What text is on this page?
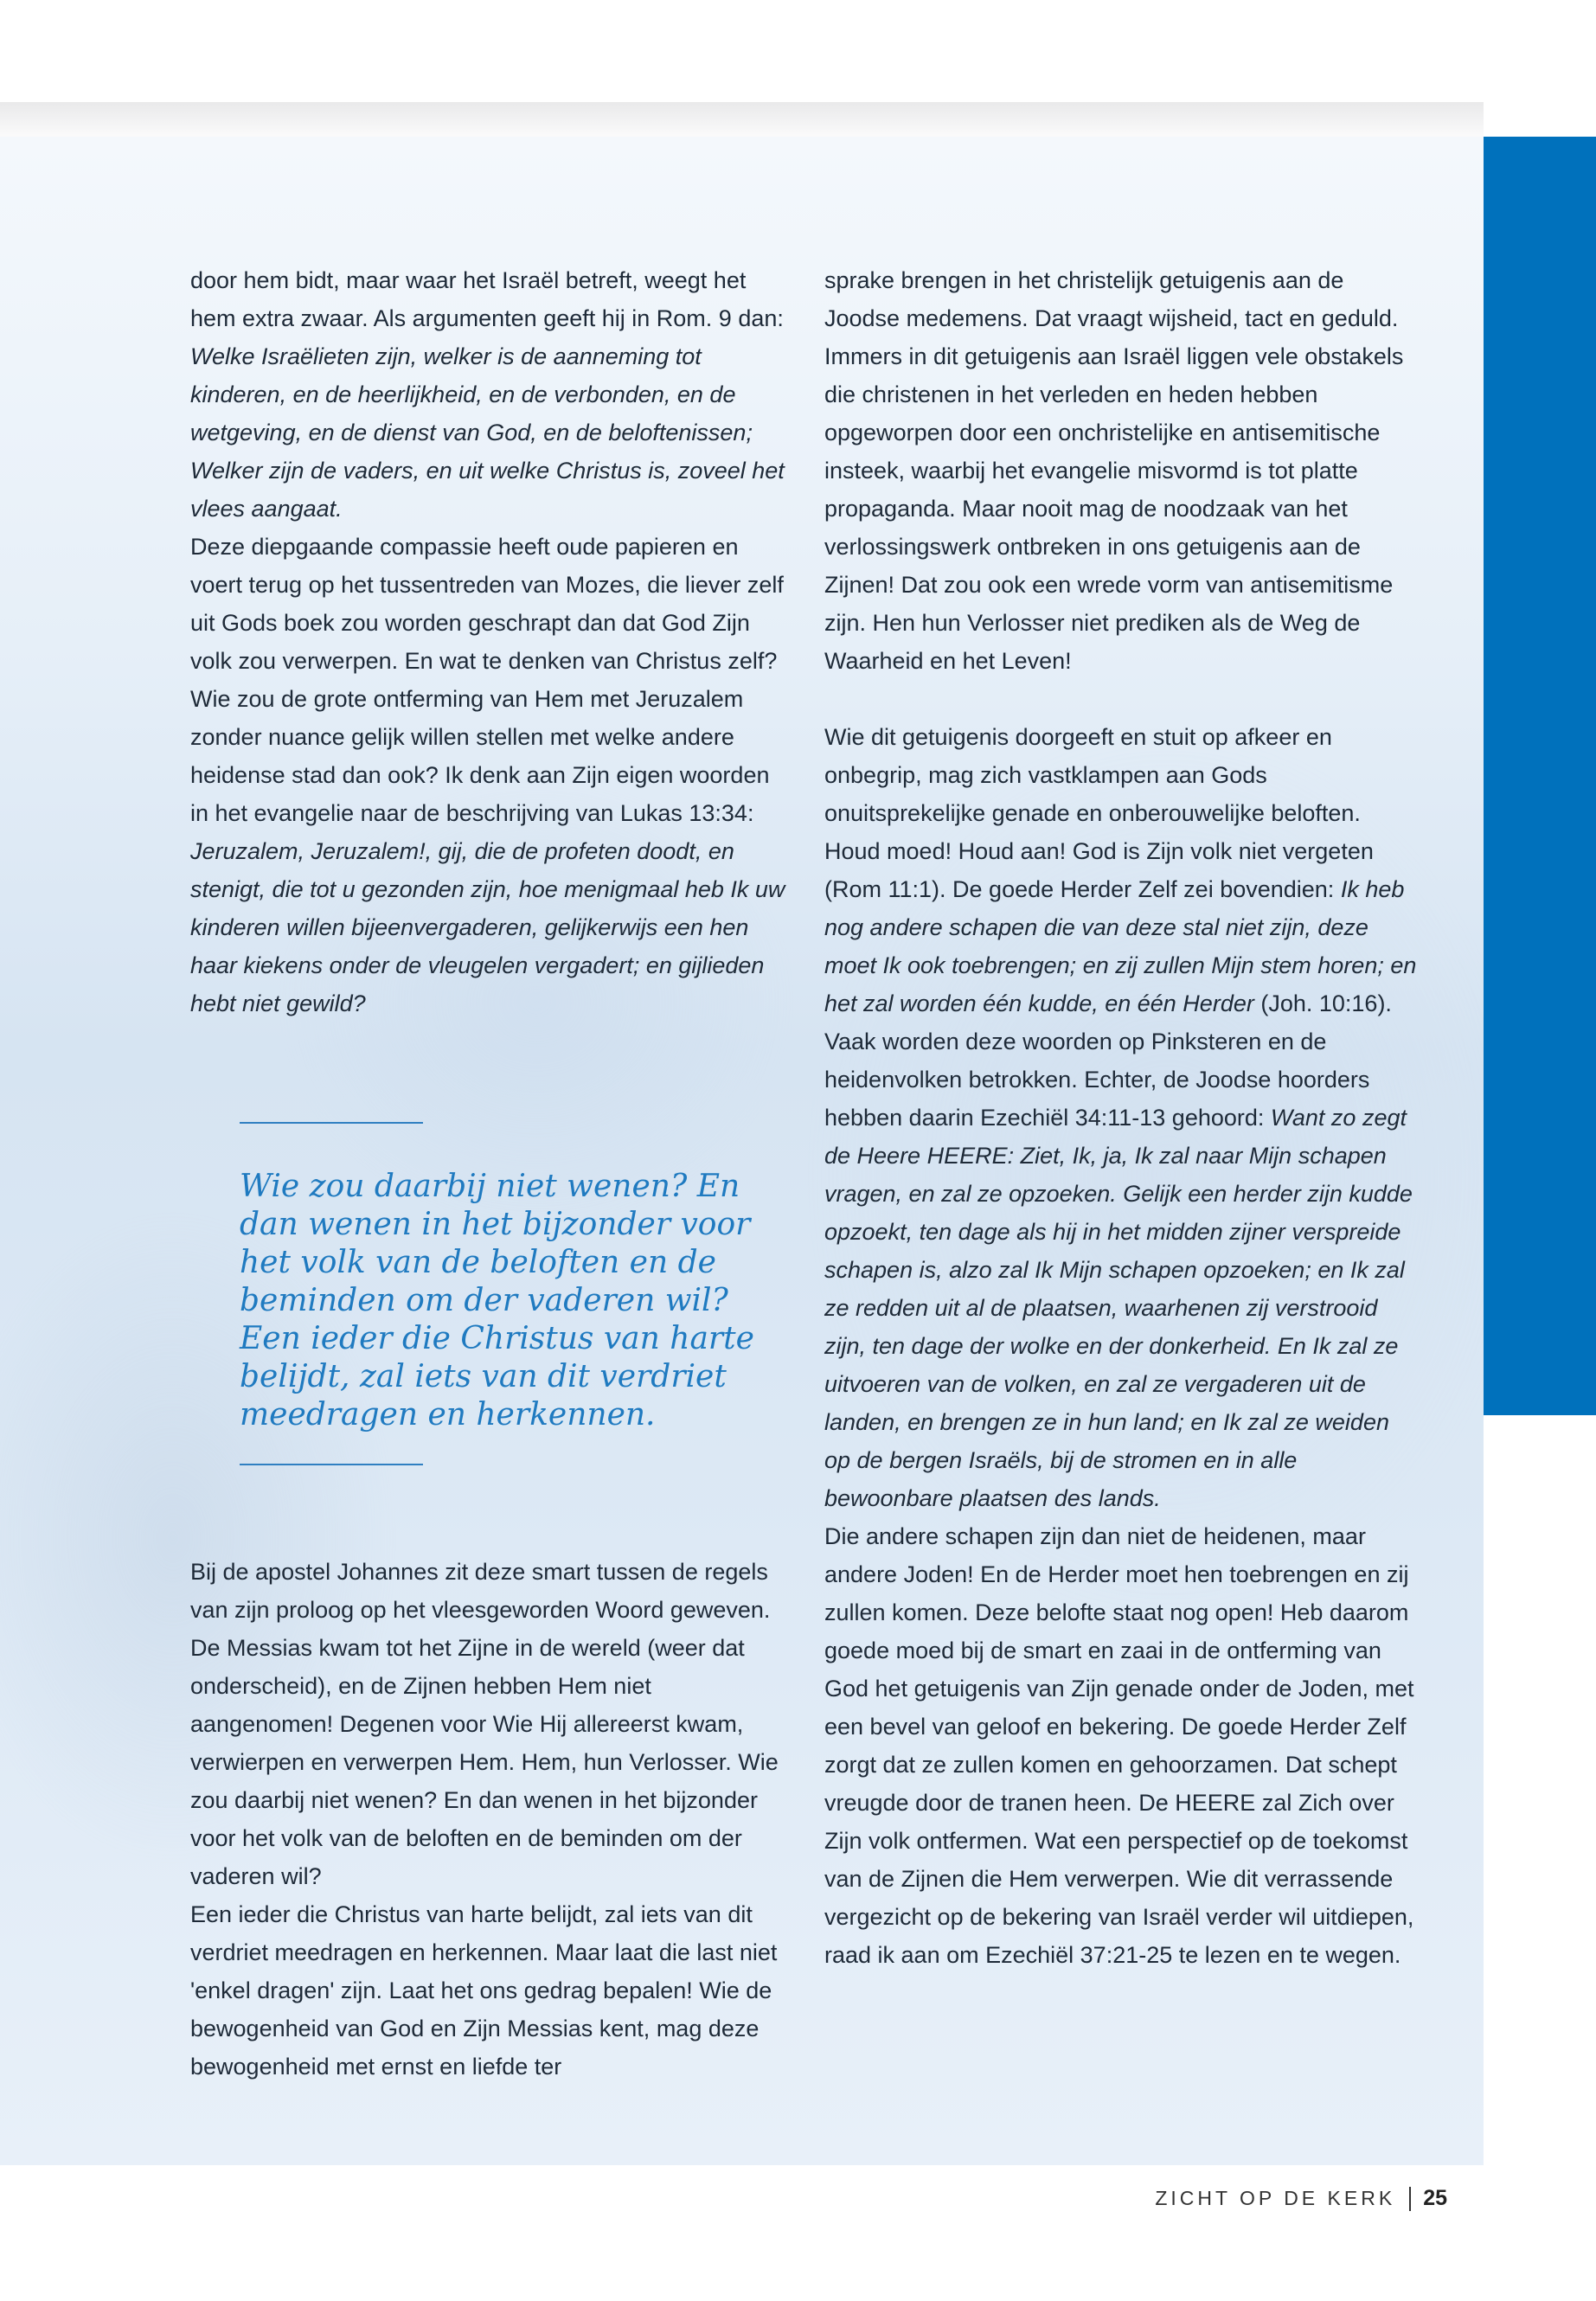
door hem bidt, maar waar het Israël betreft, weegt het hem extra zwaar. Als argumenten geeft hij in Rom. 9 dan: Welke Israëlieten zijn, welker is de aanneming tot kinderen, en de heerlijkheid, en de verbonden, en de wetgeving, en de dienst van God, en de beloftenissen; Welker zijn de vaders, en uit welke Christus is, zoveel het vlees aangaat.

Deze diepgaande compassie heeft oude papieren en voert terug op het tussentreden van Mozes, die liever zelf uit Gods boek zou worden geschrapt dan dat God Zijn volk zou verwerpen. En wat te denken van Christus zelf? Wie zou de grote ontferming van Hem met Jeruzalem zonder nuance gelijk willen stellen met welke andere heidense stad dan ook? Ik denk aan Zijn eigen woorden in het evangelie naar de beschrijving van Lukas 13:34: Jeruzalem, Jeruzalem!, gij, die de profeten doodt, en stenigt, die tot u gezonden zijn, hoe menigmaal heb Ik uw kinderen willen bijeenvergaderen, gelijkerwijs een hen haar kiekens onder de vleugelen vergadert; en gijlieden hebt niet gewild?

Wie zou daarbij niet wenen? En dan wenen in het bijzonder voor het volk van de beloften en de beminden om der vaderen wil? Een ieder die Christus van harte belijdt, zal iets van dit verdriet meedragen en herkennen.

Bij de apostel Johannes zit deze smart tussen de regels van zijn proloog op het vleesgeworden Woord geweven. De Messias kwam tot het Zijne in de wereld (weer dat onderscheid), en de Zijnen hebben Hem niet aangenomen! Degenen voor Wie Hij allereerst kwam, verwierpen en verwerpen Hem. Hem, hun Verlosser. Wie zou daarbij niet wenen? En dan wenen in het bijzonder voor het volk van de beloften en de beminden om der vaderen wil?

Een ieder die Christus van harte belijdt, zal iets van dit verdriet meedragen en herkennen. Maar laat die last niet 'enkel dragen' zijn. Laat het ons gedrag bepalen! Wie de bewogenheid van God en Zijn Messias kent, mag deze bewogenheid met ernst en liefde ter

sprake brengen in het christelijk getuigenis aan de Joodse medemens. Dat vraagt wijsheid, tact en geduld. Immers in dit getuigenis aan Israël liggen vele obstakels die christenen in het verleden en heden hebben opgeworpen door een onchristelijke en antisemitische insteek, waarbij het evangelie misvormd is tot platte propaganda. Maar nooit mag de noodzaak van het verlossingswerk ontbreken in ons getuigenis aan de Zijnen! Dat zou ook een wrede vorm van antisemitisme zijn. Hen hun Verlosser niet prediken als de Weg de Waarheid en het Leven!

Wie dit getuigenis doorgeeft en stuit op afkeer en onbegrip, mag zich vastklampen aan Gods onuitsprekelijke genade en onberouwelijke beloften. Houd moed! Houd aan! God is Zijn volk niet vergeten (Rom 11:1). De goede Herder Zelf zei bovendien: Ik heb nog andere schapen die van deze stal niet zijn, deze moet Ik ook toebrengen; en zij zullen Mijn stem horen; en het zal worden één kudde, en één Herder (Joh. 10:16). Vaak worden deze woorden op Pinksteren en de heidenvolken betrokken. Echter, de Joodse hoorders hebben daarin Ezechiël 34:11-13 gehoord: Want zo zegt de Heere HEERE: Ziet, Ik, ja, Ik zal naar Mijn schapen vragen, en zal ze opzoeken. Gelijk een herder zijn kudde opzoekt, ten dage als hij in het midden zijner verspreide schapen is, alzo zal Ik Mijn schapen opzoeken; en Ik zal ze redden uit al de plaatsen, waarhenen zij verstrooid zijn, ten dage der wolke en der donkerheid. En Ik zal ze uitvoeren van de volken, en zal ze vergaderen uit de landen, en brengen ze in hun land; en Ik zal ze weiden op de bergen Israëls, bij de stromen en in alle bewoonbare plaatsen des lands.

Die andere schapen zijn dan niet de heidenen, maar andere Joden! En de Herder moet hen toebrengen en zij zullen komen. Deze belofte staat nog open! Heb daarom goede moed bij de smart en zaai in de ontferming van God het getuigenis van Zijn genade onder de Joden, met een bevel van geloof en bekering. De goede Herder Zelf zorgt dat ze zullen komen en gehoorzamen. Dat schept vreugde door de tranen heen. De HEERE zal Zich over Zijn volk ontfermen. Wat een perspectief op de toekomst van de Zijnen die Hem verwerpen. Wie dit verrassende vergezicht op de bekering van Israël verder wil uitdiepen, raad ik aan om Ezechiël 37:21-25 te lezen en te wegen.

ZICHT OP DE KERK 25
